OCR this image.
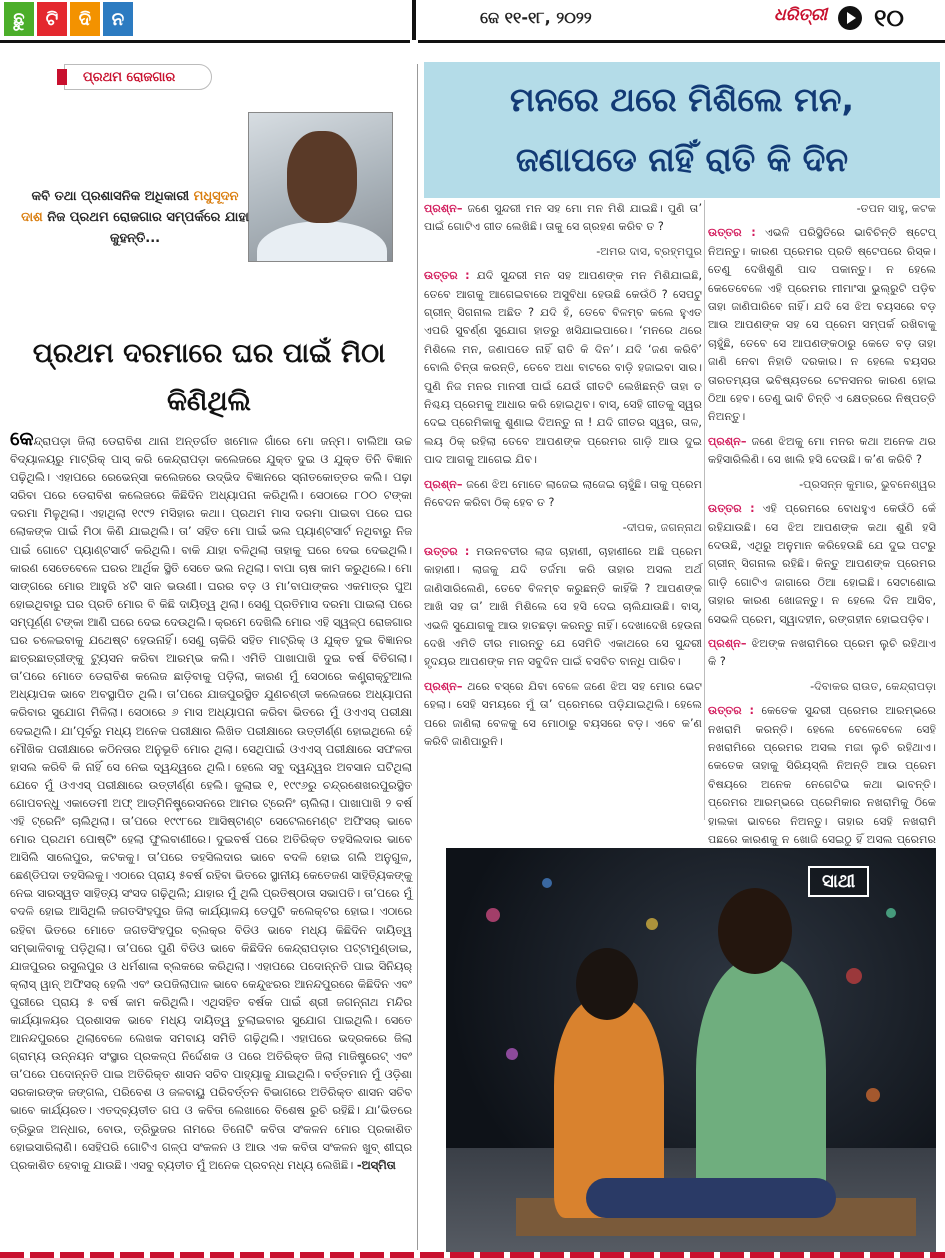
ଛୁ	ଟି	ଦି	ନ	ଜେ ୧୧-୧୮, ୨୦୨୨	ଧରିତ୍ରୀ ୧୦
ପ୍ରଥମ ରୋଜଗାର
କବି ତଥା ପ୍ରଶାସନିକ ଅଧିକାରୀ ମଧୁସୂଦନ ଦାଶ ନିଜ ପ୍ରଥମ ରୋଜଗାର ସମ୍ପର୍କରେ ଯାହା କୁହନ୍ତି...
ପ୍ରଥମ ଦରମାରେ ଘର ପାଇଁ ମିଠା କିଣିଥିଲି
କେନ୍ଦ୍ରାପଡ଼ା ଜିଲା ଡେରାବିଶ ଥାନା ଅନ୍ତର୍ଗତ ଖମୋଳ ଗାଁରେ ମୋ ଜନ୍ମ। ବାଲିଆ ଉଚ୍ଚ ବିଦ୍ୟାଳୟରୁ ମାଟ୍ରିକ୍ ପାସ୍ କରି କେନ୍ଦ୍ରାପଡ଼ା କଲେଜରେ ଯୁକ୍ତ ଦୁଇ ଓ ଯୁକ୍ତ ତିନି ବିଜ୍ଞାନ ପଢ଼ିଥିଲି। ଏହାପରେ ରେଭେନ୍ସା କଲେଜରେ ଉଦ୍ଭିଦ ବିଜ୍ଞାନରେ ସ୍ନାତକୋତ୍ତର କଲି। ପଢ଼ା ସରିବା ପରେ ଡେରାବିଶ କଲେଜରେ କିଛିଦିନ ଅଧ୍ୟାପନା କରିଥିଲି। ସେଠାରେ ୮୦୦ ଟଙ୍କା ଦରମା ମିଳୁଥିଲା। ଏହାଥିଲା ୧୯୯୨ ମସିହାର କଥା। ପ୍ରଥମ ମାସ ଦରମା ପାଇବା ପରେ ଘର ଲୋକଙ୍କ ପାଇଁ ମିଠା କିଣି ଯାଇଥିଲି। ତା’ ସହିତ ମୋ ପାଇଁ ଭଲ ପ୍ୟାଣ୍ଟସାର୍ଟ ନଥିବାରୁ ନିଜ ପାଇଁ ଗୋଟେ ପ୍ୟାଣ୍ଟସାର୍ଟ କରିଥିଲି। ବାକି ଯାହା ବଳିଥିଲା ତାହାକୁ ଘରେ ଦେଇ ଦେଇଥିଲି। କାରଣ ସେତେବେଳେ ଘରର ଆର୍ଥିକ ସ୍ଥିତି ସେତେ ଭଲ ନଥିଲା। ବାପା ଚାଷ କାମ କରୁଥିଲେ। ମୋ ସାଙ୍ଗରେ ମୋର ଆହୁରି ୪ଟି ସାନ ଭଉଣୀ। ଘରର ବଡ଼ ଓ ମା’ବାପାଙ୍କର ଏକମାତ୍ର ପୁଅ ହୋଇଥିବାରୁ ଘର ପ୍ରତି ମୋର ବି କିଛି ଦାୟିତ୍ୱ ଥିଲା। ସେଣୁ ପ୍ରତିମାସ ଦରମା ପାଇଲା ପରେ ସମ୍ପୂର୍ଣ୍ଣ ଟଙ୍କା ଆଣି ଘରେ ଦେଇ ଦେଉଥିଲି। କ୍ରମେ ଦେଖିଲି ମୋର ଏହି ସ୍ୱଳ୍ପ ରୋଜଗାର ଘର ଚଳେଇବାକୁ ଯଥେଷ୍ଟ ହେଉନାହିଁ। ସେଣୁ ଚାକିରି ସହିତ ମାଟ୍ରିକ୍ ଓ ଯୁକ୍ତ ଦୁଇ ବିଜ୍ଞାନର ଛାତ୍ରଛାତ୍ରୀଙ୍କୁ ଟ୍ୟୁସନ କରିବା ଆରମ୍ଭ କଲି। ଏମିତି ପାଖାପାଖି ଦୁଇ ବର୍ଷ ବିତିଗଲା। ତା’ପରେ ମୋତେ ଡେରାବିଶ କଲେଜ ଛାଡ଼ିବାକୁ ପଡ଼ିଲା, କାରଣ ମୁଁ ସେଠାରେ କଣ୍ଟ୍ରାକ୍ଟୁଆଲ ଅଧ୍ୟାପକ ଭାବେ ଅବସ୍ଥାପିତ ଥିଲି। ତା’ପରେ ଯାଜପୁରସ୍ଥିତ ଯୁଣଚଣ୍ଡୀ କଲେଜରେ ଅଧ୍ୟାପନା କରିବାର ସୁଯୋଗ ମିଳିଲା। ସେଠାରେ ୬ ମାସ ଅଧ୍ୟାପନା କରିବା ଭିତରେ ମୁଁ ଓଏଏସ୍ ପରୀକ୍ଷା ଦେଇଥିଲି। ଯା’ପୂର୍ବରୁ ମଧ୍ୟ ଅନେକ ପରୀକ୍ଷାର ଲିଖିତ ପରୀକ୍ଷାରେ ଉତ୍ତୀର୍ଣ୍ଣ ହୋଇଥିଲେ ହେଁ ମୌଖିକ ପରୀକ୍ଷାରେ କଠିନତାର ଅନୁଭୂତି ମୋର ଥିଲା। ସେଥିପାଇଁ ଓଏଏସ୍ ପରୀକ୍ଷାରେ ସଫଳତା ହାସଲ କରିବି କି ନାହିଁ ସେ ନେଇ ଦ୍ୱନ୍ଦ୍ୱରେ ଥିଲି। ହେଲେ ସବୁ ଦ୍ୱନ୍ଦ୍ୱର ଅବସାନ ଘଟିଥିଲା ଯେବେ ମୁଁ ଓଏଏସ୍ ପରୀକ୍ଷାରେ ଉତ୍ତୀର୍ଣ୍ଣ ହେଲି। ଜୁଲାଇ ୧, ୧୯୯୬ରୁ ଚନ୍ଦ୍ରଶେଖରପୁରସ୍ଥିତ ଗୋପବନ୍ଧୁ ଏକାଡେମୀ ଅଫ୍ ଆଡ୍ମିନିଷ୍ଟ୍ରେସନରେ ଆମର ଟ୍ରେନିଂ ଚାଲିଲା। ପାଖାପାଖି ୨ ବର୍ଷ ଏହି ଟ୍ରେନିଂ ଚାଲିଥିଲା। ତା’ପରେ ୧୯୯୮ରେ ଆସିଷ୍ଟାଣ୍ଟ ସେଟେଲମେଣ୍ଟ ଅଫିସର୍ ଭାବେ ମୋର ପ୍ରଥମ ପୋଷ୍ଟିଂ ହେଲା ଫୁଲବାଣୀରେ। ଦୁଇବର୍ଷ ପରେ ଅତିରିକ୍ତ ତହସିଲଦାର ଭାବେ ଆସିଲି ସାଲେପୁର, କଟକକୁ। ତା’ପରେ ତହସିଲଦାର ଭାବେ ବଦଳି ହୋଇ ଗଲି ଅନୁଗୁଳ, ଛେଣ୍ଡିପଦା ତହସିଲକୁ। ଏଠାରେ ପ୍ରାୟ ୫ବର୍ଷ ରହିବା ଭିତରେ ସ୍ଥାନୀୟ କେତେଜଣ ସାହିତ୍ୟିକଙ୍କୁ ନେଇ ସାରସ୍ୱତ ସାହିତ୍ୟ ସଂସଦ ଗଢ଼ିଥିଲି; ଯାହାର ମୁଁ ଥିଲି ପ୍ରତିଷ୍ଠାତା ସଭାପତି। ତା’ପରେ ମୁଁ ବଦଳି ହୋଇ ଆସିଥିଲି ଜଗତସିଂହପୁର ଜିଲା କାର୍ଯ୍ୟାଳୟ ଡେପୁଟି କଲେକ୍ଟର ହୋଇ। ଏଠାରେ ରହିବା ଭିତରେ ମୋତେ ଜଗତସିଂହପୁର ବ୍ଲକ୍‌ର ବିଡିଓ ଭାବେ ମଧ୍ୟ କିଛିଦିନ ଦାୟିତ୍ୱ ସମ୍ଭାଳିବାକୁ ପଡ଼ିଥିଲା। ତା’ପରେ ପୁଣି ବିଡିଓ ଭାବେ କିଛିଦିନ କେନ୍ଦ୍ରାପଡ଼ାର ପଟ୍ଟାମୁଣ୍ଡାଇ, ଯାଜପୁରର ରସୁଲପୁର ଓ ଧର୍ମଶାଳା ବ୍ଲକରେ କରିଥିଲା। ଏହାପରେ ପଦୋନ୍ନତି ପାଇ ସିନିୟର୍ କ୍ଲାସ୍ ୱାନ୍ ଅଫିସର୍ ହେଲି ଏବଂ ଉପଜିଲାପାଳ ଭାବେ କେନ୍ଦୁଝରର ଆନନ୍ଦପୁରରେ କିଛିଦିନ ଏବଂ ପୁରୀରେ ପ୍ରାୟ ୫ ବର୍ଷ କାମ କରିଥିଲି। ଏଥିସହିତ ବର୍ଷକ ପାଇଁ ଶ୍ରୀ ଜଗନ୍ନାଥ ମନ୍ଦିର କାର୍ଯ୍ୟାଳୟର ପ୍ରଶାସକ ଭାବେ ମଧ୍ୟ ଦାୟିତ୍ୱ ତୁଲାଇବାର ସୁଯୋଗ ପାଇଥିଲି। ସେତେ ଆନନ୍ଦପୁରରେ ଥିଲାବେଳେ ଲେଖକ ସମବାୟ ସମିତି ଗଢ଼ିଥିଲି। ଏହାପରେ ଭଦ୍ରକରେ ଜିଲା ଗ୍ରାମ୍ୟ ଉନ୍ନୟନ ସଂସ୍ଥାର ପ୍ରକଳ୍ପ ନିର୍ଦ୍ଦେଶକ ଓ ପରେ ଅତିରିକ୍ତ ଜିଲା ମାଜିଷ୍ଟ୍ରେଟ୍ ଏବଂ ତା’ପରେ ପଦୋନ୍ନତି ପାଇ ଅତିରିକ୍ତ ଶାସନ ସଚିବ ପାହ୍ୟାକୁ ଯାଇଥିଲି। ବର୍ତ୍ତମାନ ମୁଁ ଓଡ଼ିଶା ସରକାରଙ୍କ ଜଙ୍ଗଲ, ପରିବେଶ ଓ ଜଳବାୟୁ ପରିବର୍ତ୍ତନ ବିଭାଗରେ ଅତିରିକ୍ତ ଶାସନ ସଚିବ ଭାବେ କାର୍ଯ୍ୟରତ। ଏତଦ୍‌ବ୍ୟତୀତ ଗପ ଓ କବିତା ଲେଖାରେ ବିଶେଷ ରୁଚି ରହିଛି। ଯା’ଭିତରେ ତ୍ରିଭୁଜ ଅନ୍ଧାର, ବୋଉ, ତ୍ରିଭୁଜର ନାମରେ ତିନୋଟି କବିତା ସଂକଳନ ମୋର ପ୍ରକାଶିତ ହୋଇସାରିଲାଣି। ସେହିପରି ଗୋଟିଏ ଗଳ୍ପ ସଂକଳନ ଓ ଆଉ ଏକ କବିତା ସଂକଳନ ଖୁବ୍ ଶୀଘ୍ର ପ୍ରକାଶିତ ହେବାକୁ ଯାଉଛି। ଏସବୁ ବ୍ୟତୀତ ମୁଁ ଅନେକ ପ୍ରବନ୍ଧ ମଧ୍ୟ ଲେଖିଛି। -ଅସ୍ମିତା
ମନରେ ଥରେ ମିଶିଲେ ମନ,
ଜଣାପଡେ ନାହିଁ ରାତି କି ଦିନ
ପ୍ରଶ୍ନ– ଜଣେ ସୁନ୍ଦରୀ ମନ ସହ ମୋ ମନ ମିଶି ଯାଇଛି। ପୁଣି ତା’ ପାଇଁ ଗୋଟିଏ ଗୀତ ଲେଖିଛି। ତାକୁ ସେ ଗ୍ରହଣ କରିବ ତ ?
-ଅମର ଦାସ, ବ୍ରହ୍ମପୁର
ଉତ୍ତର : ଯଦି ସୁନ୍ଦରୀ ମନ ସହ ଆପଣଙ୍କ ମନ ମିଶିଯାଇଛି, ତେବେ ଆଗକୁ ଆଗେଇବାରେ ଅସୁବିଧା ହେଉଛି କେଉଁଠି ? ସେପଟୁ ଗ୍ରୀନ୍ ସିଗନାଲ ଅଛିତ ? ଯଦି ହଁ, ତେବେ ବିଳମ୍ବ କଲେ ହୁଏତ ଏପରି ସୁବର୍ଣ୍ଣ ସୁଯୋଗ ହାତରୁ ଖସିଯାଇପାରେ। ‘ମନରେ ଥରେ ମିଶିଲେ ମନ, ଜଣାପଡେ ନାହିଁ ରାତି କି ଦିନ’। ଯଦି ‘ଜଣ କରିବି’ ବୋଲି ଚିନ୍ତା କରନ୍ତି, ତେବେ ଅଧା ବାଟରେ ବାଡ଼ି ହଜାଇବା ସାର। ପୁଣି ନିଜ ମନର ମାନସୀ ପାଇଁ ଯେଉଁ ଗୀତଟି ଲେଖିଛନ୍ତି ତାହା ତ ନିଶ୍ଚୟ ପ୍ରେମକୁ ଆଧାର କରି ହୋଇଥିବ। ବାସ୍, ସେହି ଗୀତକୁ ସ୍ୱର ଦେଇ ପ୍ରେମିକାକୁ ଶୁଣାଇ ଦିଅନ୍ତୁ ନା ! ଯଦି ଗୀତର ସ୍ୱର, ତାଳ, ଲୟ ଠିକ୍ ରହିଲା ତେବେ ଆପଣଙ୍କ ପ୍ରେମର ଗାଡ଼ି ଆଉ ଦୁଇ ପାଦ ଆଗକୁ ଆଗେଇ ଯିବ।
ପ୍ରଶ୍ନ– ଜଣେ ଝିଅ ମୋତେ ଲାଜେଇ ଲାଜେଇ ଚାହୁଁଛି। ତାକୁ ପ୍ରେମ ନିବେଦନ କରିବା ଠିକ୍ ହେବ ତ ?
-ଦୀପକ, ଜଗନ୍ନାଥ
ଉତ୍ତର : ମଉନବତୀର ଲାଜ ଚାହାଣୀ, ଚାହାଣୀରେ ଅଛି ପ୍ରେମ କାହାଣୀ। ଲାଜକୁ ଯଦି ତର୍ଜମା କରି ତାହାର ଅସଲ ଅର୍ଥ ଜାଣିସାରିଲେଣି, ତେବେ ବିଳମ୍ବ କରୁଛନ୍ତି କାହିଁକି ? ଆପଣଙ୍କ ଆଖି ସହ ତା’ ଆଖି ମିଶିଲେ ସେ ହସି ଦେଇ ଚାଲିଯାଉଛି। ବାସ୍, ଏଭଳି ସୁଯୋଗକୁ ଆଉ ହାତଛଡ଼ା କରନ୍ତୁ ନାହିଁ। ଦେଖାଦେଖି ହେଉନା ଦେଖି ଏମିତି ତୀର ମାରନ୍ତୁ ଯେ ସେମିତି ଏକାଥରେ ସେ ସୁନ୍ଦରୀ ହୃଦୟର ଆପଣଙ୍କ ମନ ସବୁଦିନ ପାଇଁ ବସବିତ ବାନ୍ଧି ପାରିବ।
ପ୍ରଶ୍ନ– ଥରେ ବସ୍‌ରେ ଯିବା ବେଳେ ଜଣେ ଝିଅ ସହ ମୋର ଭେଟ ହେଲା। ସେହି ସମୟରେ ମୁଁ ତା’ ପ୍ରେମରେ ପଡ଼ିଯାଇଥିଲି। ହେଲେ ପରେ ଜାଣିଲା ବେଳକୁ ସେ ମୋଠାରୁ ବୟସରେ ବଡ଼। ଏବେ କ’ଣ କରିବି ଜାଣିପାରୁନି।
-ତପନ ସାହୁ, କଟକ
ଉତ୍ତର : ଏଭଳି ପରିସ୍ଥିତିରେ ଭାବିଚିନ୍ତି ଷ୍ଟେପ୍ ନିଅନ୍ତୁ। କାରଣ ପ୍ରେମର ପ୍ରତି ଷ୍ଟେପରେ ରିସ୍କ। ତେଣୁ ଦେଖିଶୁଣି ପାଦ ପକାନ୍ତୁ। ନ ହେଲେ କେତେବେଳେ ଏହି ପ୍ରେମର ମୀମାଂସା ଭୁଲ୍ରୁଟି ପଡ଼ିବ ତାହା ଜାଣିପାରିବେ ନାହିଁ। ଯଦି ସେ ଝିଅ ବୟସରେ ବଡ଼ ଆଉ ଆପଣଙ୍କ ସହ ସେ ପ୍ରେମ ସମ୍ପର୍କ ରଖିବାକୁ ଚାହୁଁଛି, ତେବେ ସେ ଆପଣଙ୍କଠାରୁ କେତେ ବଡ଼ ତାହା ଜାଣି ନେବା ନିହାତି ଦରକାର। ନ ହେଲେ ବୟସର ତାରତମ୍ୟତା ଭବିଷ୍ୟତରେ ଟେନସନର କାରଣ ହୋଇ ଠିଆ ହେବ। ତେଣୁ ଭାବି ଚିନ୍ତି ଏ କ୍ଷେତ୍ରରେ ନିଷ୍ପତ୍ତି ନିଅନ୍ତୁ।
ପ୍ରଶ୍ନ– ଜଣେ ଝିଅକୁ ମୋ ମନର କଥା ଅନେକ ଥର କହିସାରିଲିଣି। ସେ ଖାଲି ହସି ଦେଉଛି। କ’ଣ କରିବି ?
-ପ୍ରସନ୍ନ କୁମାର, ଭୁବନେଶ୍ୱର
ଉତ୍ତର : ଏହି ପ୍ରେମରେ ବୋଧହୁଏ କେଉଁଠି କେଁ ରହିଯାଉଛି। ସେ ଝିଅ ଆପଣଙ୍କ କଥା ଶୁଣି ହସି ଦେଉଛି, ଏଥିରୁ ଅନୁମାନ କରିହେଉଛି ଯେ ଦୁଇ ପଟରୁ ଗ୍ରୀନ୍ ସିଗନାଲ ରହିଛି। କିନ୍ତୁ ଆପଣଙ୍କ ପ୍ରେମର ଗାଡ଼ି ଗୋଟିଏ ଜାଗାରେ ଠିଆ ହୋଇଛି। ସେଟାଶୋଇ ତାହାର କାରଣ ଖୋଜନ୍ତୁ। ନ ହେଲେ ଦିନ ଆସିବ, ସେଭଳି ପ୍ରେମ, ସ୍ୱାଦହୀନ, ରଙ୍ଗହୀନ ହୋଇପଡ଼ିବ।
ପ୍ରଶ୍ନ– ଝିଅଙ୍କ ନଖରାମିରେ ପ୍ରେମ ଲୁଚି ରହିଥାଏ କି ?
-ଦିବାକର ରାଉତ, କେନ୍ଦ୍ରାପଡ଼ା
ଉତ୍ତର : କେତେକ ସୁନ୍ଦରୀ ପ୍ରେମର ଆରମ୍ଭରେ ନଖରାମି କରନ୍ତି। ହେଲେ ବେଳେବେଳେ ସେହି ନଖରାମିରେ ପ୍ରେମର ଅସଲ ମଜା ଲୁଚି ରହିଥାଏ। କେତେକ ତାହାକୁ ସିରିୟସ୍‌ଲି ନିଅନ୍ତି ଆଉ ପ୍ରେମ ବିଷୟରେ ଅନେକ ନେଗେଟିଭ କଥା ଭାବନ୍ତି। ପ୍ରେମର ଆରମ୍ଭରେ ପ୍ରେମିକାର ନଖରାମିକୁ ଠିକେ ହାଲକା ଭାବରେ ନିଅନ୍ତୁ। ତାହାର ସେହି ନଖରାମି ପଛରେ କାରଣକୁ ନ ଖୋଜି ସେଇଠୁ ହିଁ ଅସଲ ପ୍ରେମର
ସାଥୀ
